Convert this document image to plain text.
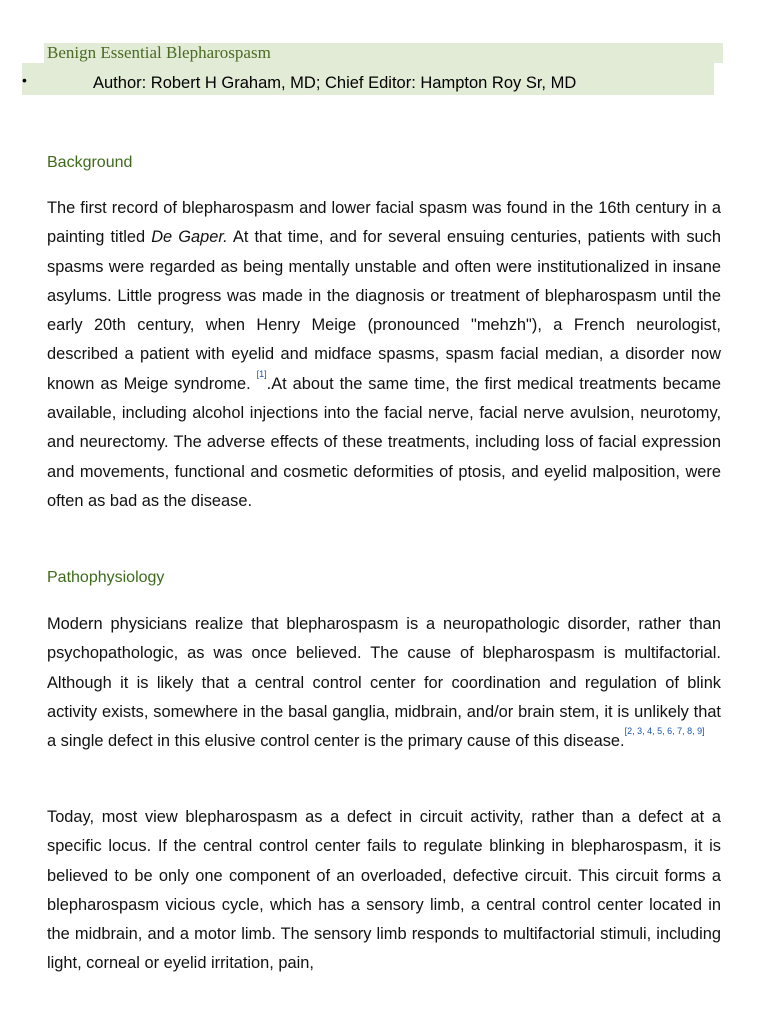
Benign Essential Blepharospasm
•	Author: Robert H Graham, MD; Chief Editor: Hampton Roy Sr, MD
Background
The first record of blepharospasm and lower facial spasm was found in the 16th century in a painting titled De Gaper. At that time, and for several ensuing centuries, patients with such spasms were regarded as being mentally unstable and often were institutionalized in insane asylums. Little progress was made in the diagnosis or treatment of blepharospasm until the early 20th century, when Henry Meige (pronounced "mehzh"), a French neurologist, described a patient with eyelid and midface spasms, spasm facial median, a disorder now known as Meige syndrome. [1].At about the same time, the first medical treatments became available, including alcohol injections into the facial nerve, facial nerve avulsion, neurotomy, and neurectomy. The adverse effects of these treatments, including loss of facial expression and movements, functional and cosmetic deformities of ptosis, and eyelid malposition, were often as bad as the disease.
Pathophysiology
Modern physicians realize that blepharospasm is a neuropathologic disorder, rather than psychopathologic, as was once believed. The cause of blepharospasm is multifactorial. Although it is likely that a central control center for coordination and regulation of blink activity exists, somewhere in the basal ganglia, midbrain, and/or brain stem, it is unlikely that a single defect in this elusive control center is the primary cause of this disease.[2, 3, 4, 5, 6, 7, 8, 9]
Today, most view blepharospasm as a defect in circuit activity, rather than a defect at a specific locus. If the central control center fails to regulate blinking in blepharospasm, it is believed to be only one component of an overloaded, defective circuit. This circuit forms a blepharospasm vicious cycle, which has a sensory limb, a central control center located in the midbrain, and a motor limb. The sensory limb responds to multifactorial stimuli, including light, corneal or eyelid irritation, pain,
